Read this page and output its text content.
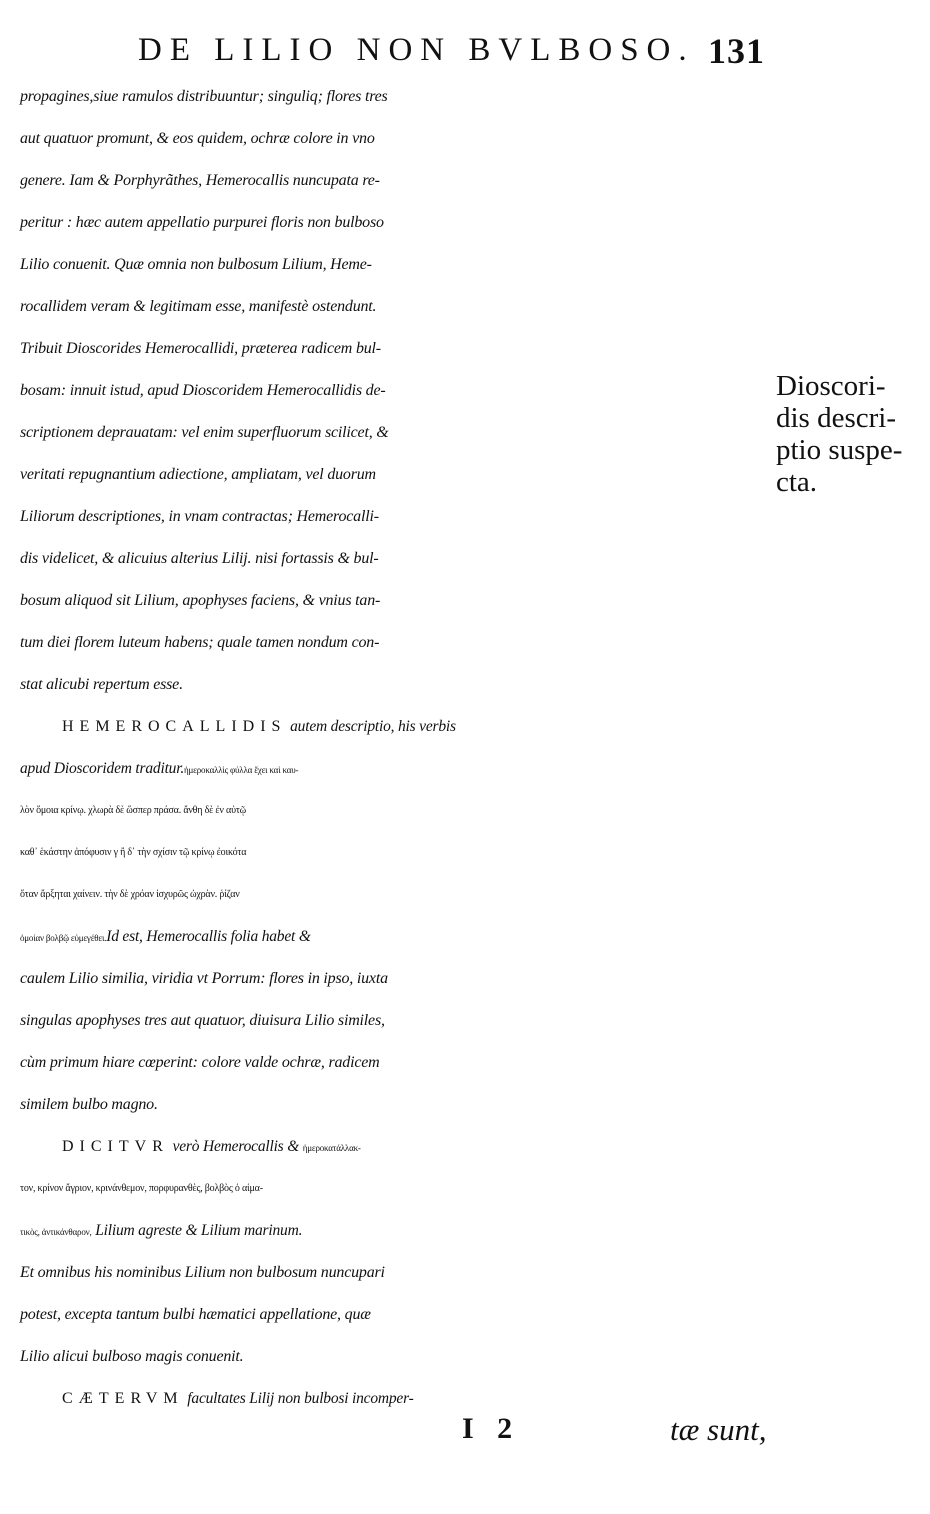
DE LILIO NON BVLBOSO. 131
propagines,siue ramulos distribuuntur; singuliq; flores tres
aut quatuor promunt, & eos quidem, ochræ colore in vno
genere. Iam & Porphyrãthes, Hemerocallis nuncupata re-
peritur : hæc autem appellatio purpurei floris non bulboso
Lilio conuenit. Quæ omnia non bulbosum Lilium, Heme-
rocallidem veram & legitimam esse, manifestè ostendunt.
Tribuit Dioscorides Hemerocallidi, præterea radicem bul-
bosam: innuit istud, apud Dioscoridem Hemerocallidis de-
scriptionem deprauatam: vel enim superfluorum scilicet, &
veritati repugnantium adiectione, ampliatam, vel duorum
Liliorum descriptiones, in vnam contractas; Hemerocalli-
dis videlicet, & alicuius alterius Lilij. nisi fortassis & bul-
bosum aliquod sit Lilium, apophyses faciens, & vnius tan-
tum diei florem luteum habens; quale tamen nondum con-
stat alicubi repertum esse.
HEMEROCALLIDIS autem descriptio, his verbis
apud Dioscoridem traditur.ἡμεροκαλλὶς φύλλα ἔχει καὶ καυ-
λὸν ὅμοια κρίνῳ. χλωρὰ δὲ ὥσπερ πράσα. ἄνθη δὲ ἐν αὐτῷ
καθ᾽ ἑκάστην ἀπόφυσιν γ ἢ δ᾽ τὴν σχίσιν τῷ κρίνῳ ἐοικότα
ὅταν ἄρξηται χαίνειν. τὴν δὲ χρόαν ἰσχυρῶς ὠχρὰν. ῥίζαν
ὁμοίαν βολβῷ εὐμεγέθει.Id est, Hemerocallis folia habet &
caulem Lilio similia, viridia vt Porrum: flores in ipso, iuxta
singulas apophyses tres aut quatuor, diuisura Lilio similes,
cùm primum hiare cœperint: colore valde ochræ, radicem
similem bulbo magno.
DICITVR verò Hemerocallis & ἡμεροκατάλλακ-
τον, κρίνον ἄγριον, κρινάνθεμον, πορφυρανθὲς, βολβὸς ὁ αἱμα-
τικὸς, ἀντικάνθαρον, Lilium agreste & Lilium marinum.
Et omnibus his nominibus Lilium non bulbosum nuncupari
potest, excepta tantum bulbi hæmatici appellatione, quæ
Lilio alicui bulboso magis conuenit.
CÆTERVM facultates Lilij non bulbosi incomper-
Dioscori-
dis descri-
ptio suspe-
cta.
I 2	tæ sunt,
